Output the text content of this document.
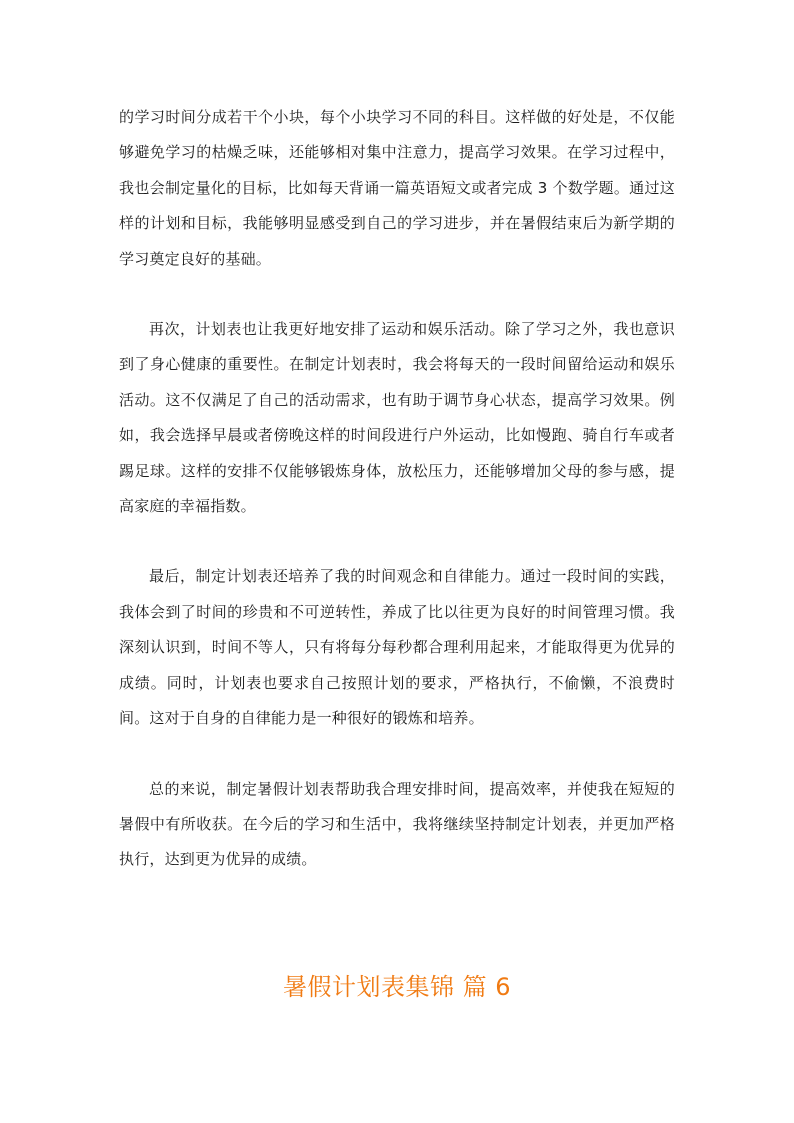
的学习时间分成若干个小块，每个小块学习不同的科目。这样做的好处是，不仅能够避免学习的枯燥乏味，还能够相对集中注意力，提高学习效果。在学习过程中，我也会制定量化的目标，比如每天背诵一篇英语短文或者完成 3 个数学题。通过这样的计划和目标，我能够明显感受到自己的学习进步，并在暑假结束后为新学期的学习奠定良好的基础。

再次，计划表也让我更好地安排了运动和娱乐活动。除了学习之外，我也意识到了身心健康的重要性。在制定计划表时，我会将每天的一段时间留给运动和娱乐活动。这不仅满足了自己的活动需求，也有助于调节身心状态，提高学习效果。例如，我会选择早晨或者傍晚这样的时间段进行户外运动，比如慢跑、骑自行车或者踢足球。这样的安排不仅能够锻炼身体，放松压力，还能够增加父母的参与感，提高家庭的幸福指数。

最后，制定计划表还培养了我的时间观念和自律能力。通过一段时间的实践，我体会到了时间的珍贵和不可逆转性，养成了比以往更为良好的时间管理习惯。我深刻认识到，时间不等人，只有将每分每秒都合理利用起来，才能取得更为优异的成绩。同时，计划表也要求自己按照计划的要求，严格执行，不偷懒，不浪费时间。这对于自身的自律能力是一种很好的锻炼和培养。

总的来说，制定暑假计划表帮助我合理安排时间，提高效率，并使我在短短的暑假中有所收获。在今后的学习和生活中，我将继续坚持制定计划表，并更加严格执行，达到更为优异的成绩。

暑假计划表集锦 篇 6
